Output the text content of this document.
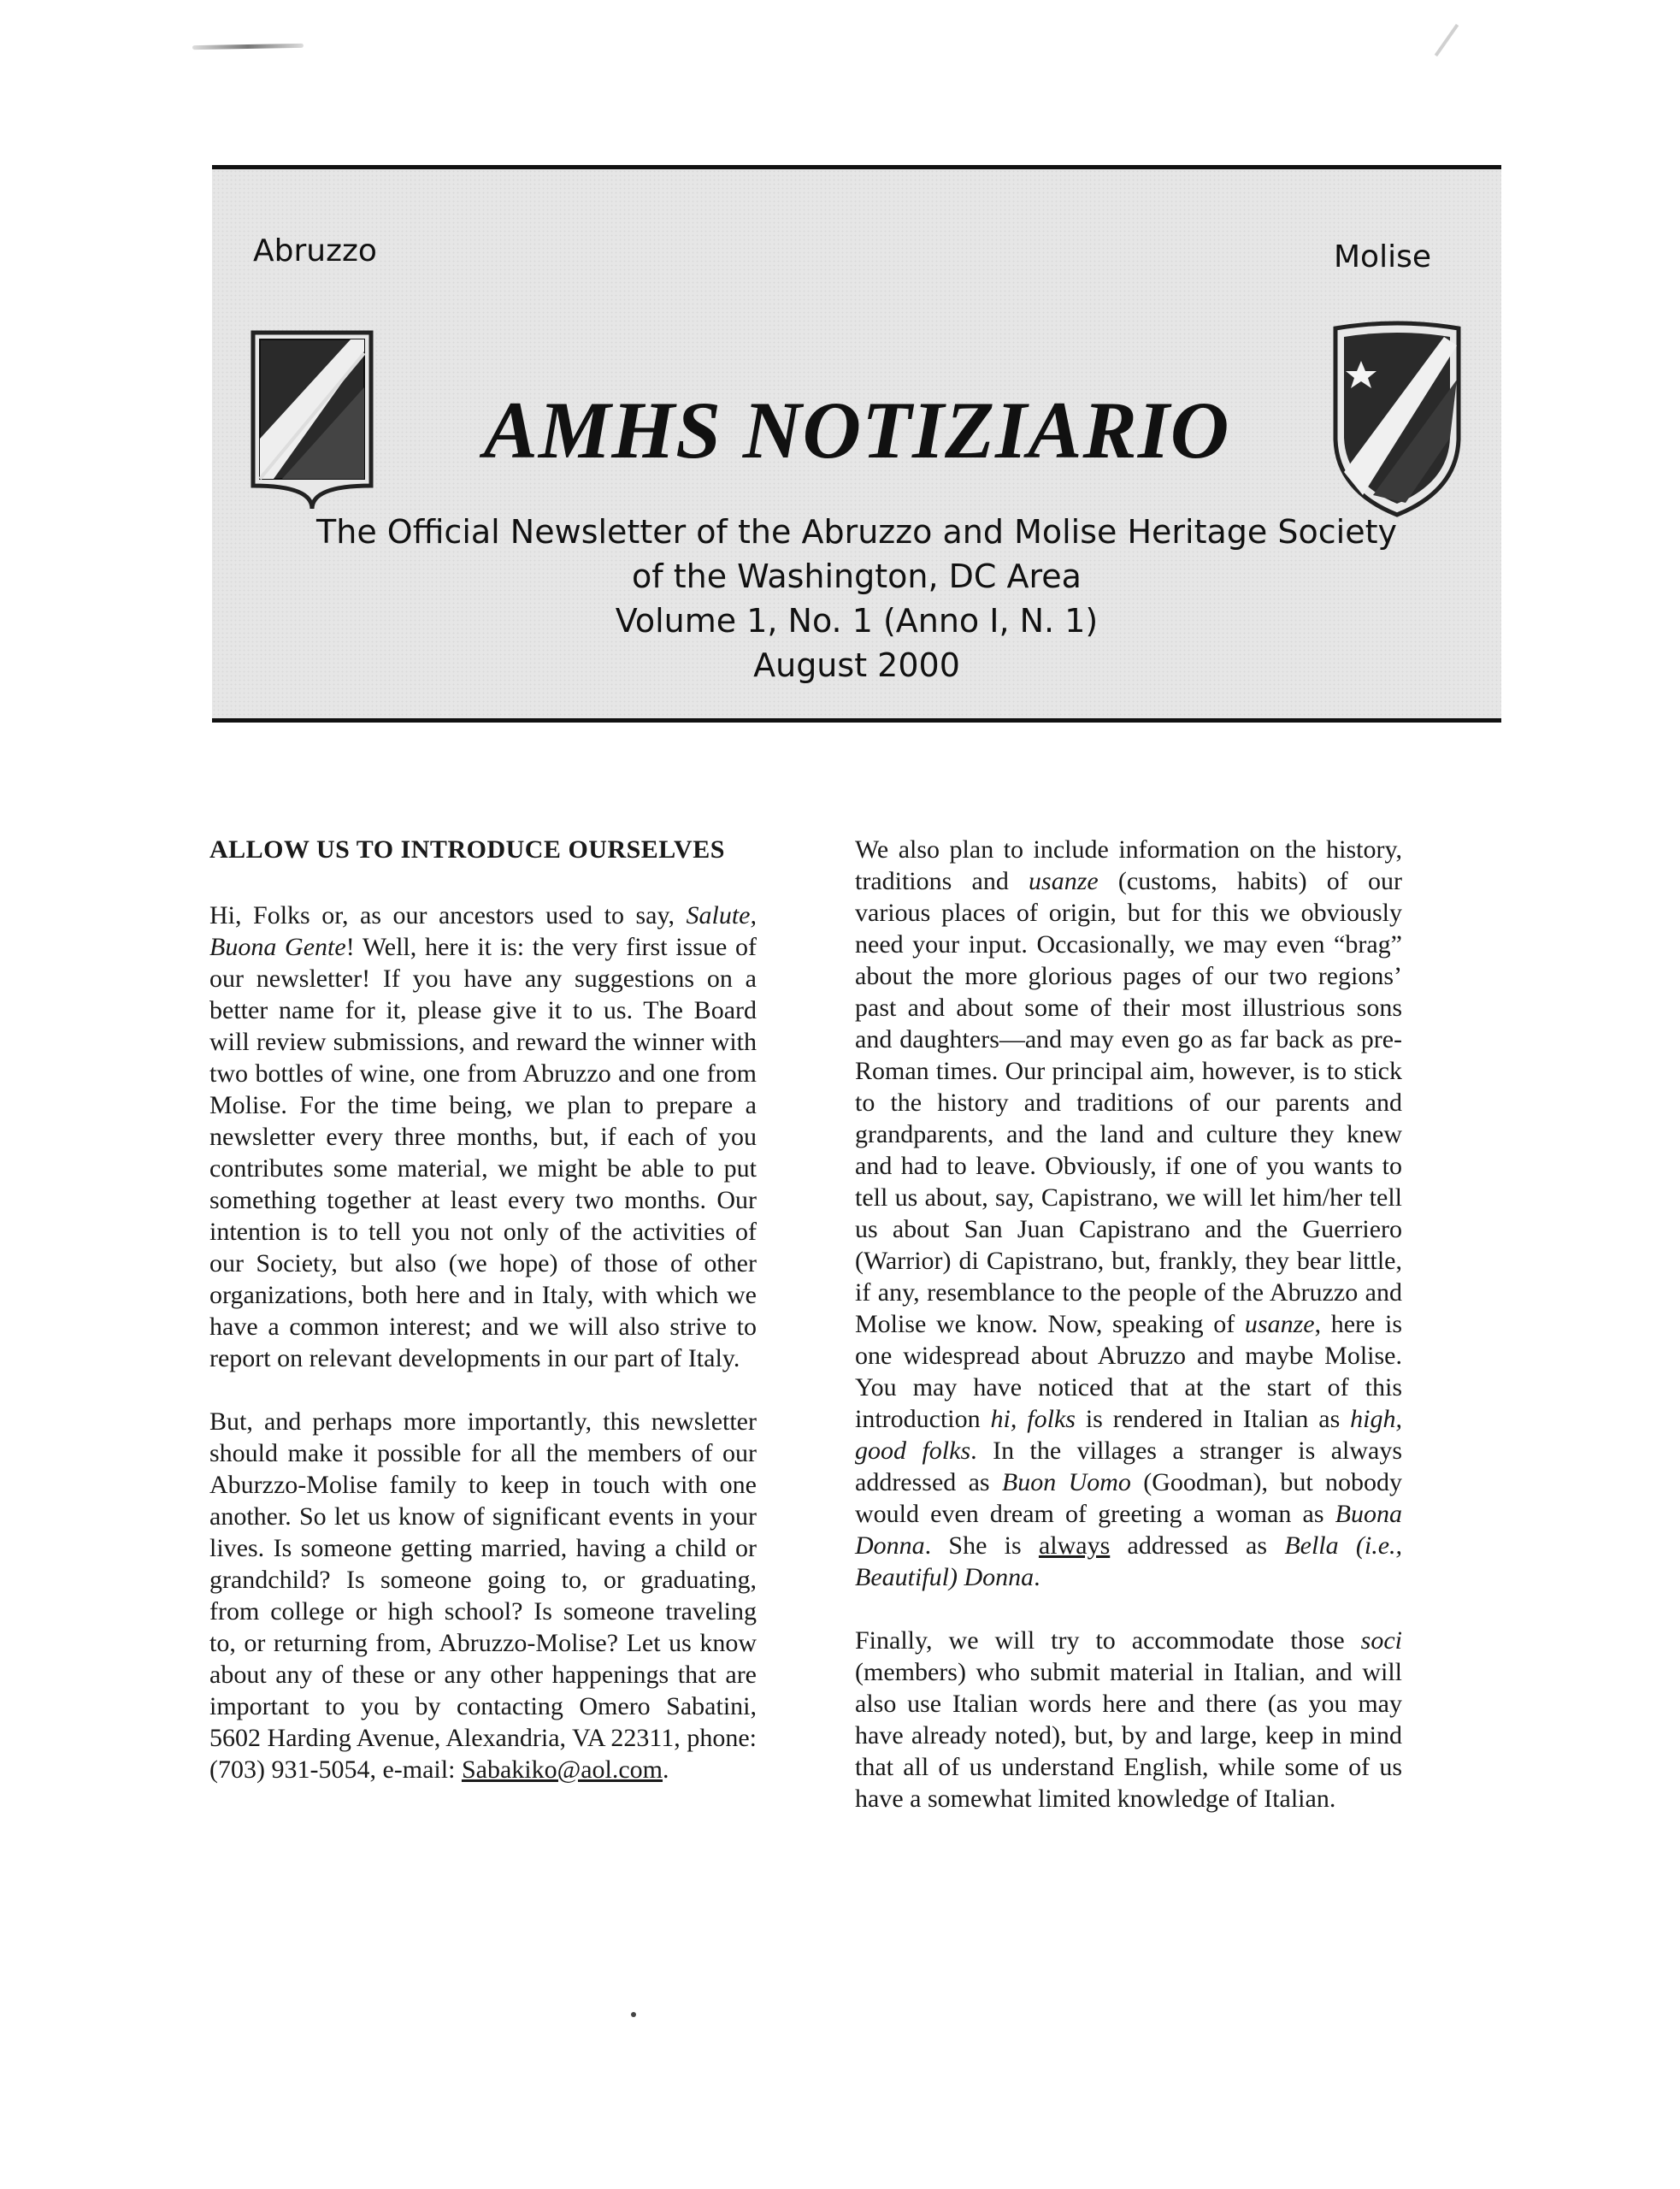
Abruzzo	Molise
AMHS NOTIZIARIO
The Official Newsletter of the Abruzzo and Molise Heritage Society
of the Washington, DC Area
Volume 1, No. 1 (Anno I, N. 1)
August 2000
ALLOW US TO INTRODUCE OURSELVES

Hi, Folks or, as our ancestors used to say, Salute, Buona Gente! Well, here it is: the very first issue of our newsletter! If you have any suggestions on a better name for it, please give it to us. The Board will review submissions, and reward the winner with two bottles of wine, one from Abruzzo and one from Molise. For the time being, we plan to prepare a newsletter every three months, but, if each of you contributes some material, we might be able to put something together at least every two months. Our intention is to tell you not only of the activities of our Society, but also (we hope) of those of other organizations, both here and in Italy, with which we have a common interest; and we will also strive to report on relevant developments in our part of Italy.

But, and perhaps more importantly, this newsletter should make it possible for all the members of our Aburzzo-Molise family to keep in touch with one another. So let us know of significant events in your lives. Is someone getting married, having a child or grandchild? Is someone going to, or graduating, from college or high school? Is someone traveling to, or returning from, Abruzzo-Molise? Let us know about any of these or any other happenings that are important to you by contacting Omero Sabatini, 5602 Harding Avenue, Alexandria, VA 22311, phone: (703) 931-5054, e-mail: Sabakiko@aol.com.

We also plan to include information on the history, traditions and usanze (customs, habits) of our various places of origin, but for this we obviously need your input. Occasionally, we may even “brag” about the more glorious pages of our two regions’ past and about some of their most illustrious sons and daughters—and may even go as far back as pre-Roman times. Our principal aim, however, is to stick to the history and traditions of our parents and grandparents, and the land and culture they knew and had to leave. Obviously, if one of you wants to tell us about, say, Capistrano, we will let him/her tell us about San Juan Capistrano and the Guerriero (Warrior) di Capistrano, but, frankly, they bear little, if any, resemblance to the people of the Abruzzo and Molise we know. Now, speaking of usanze, here is one widespread about Abruzzo and maybe Molise. You may have noticed that at the start of this introduction hi, folks is rendered in Italian as high, good folks. In the villages a stranger is always addressed as Buon Uomo (Goodman), but nobody would even dream of greeting a woman as Buona Donna. She is always addressed as Bella (i.e., Beautiful) Donna.

Finally, we will try to accommodate those soci (members) who submit material in Italian, and will also use Italian words here and there (as you may have already noted), but, by and large, keep in mind that all of us understand English, while some of us have a somewhat limited knowledge of Italian.
